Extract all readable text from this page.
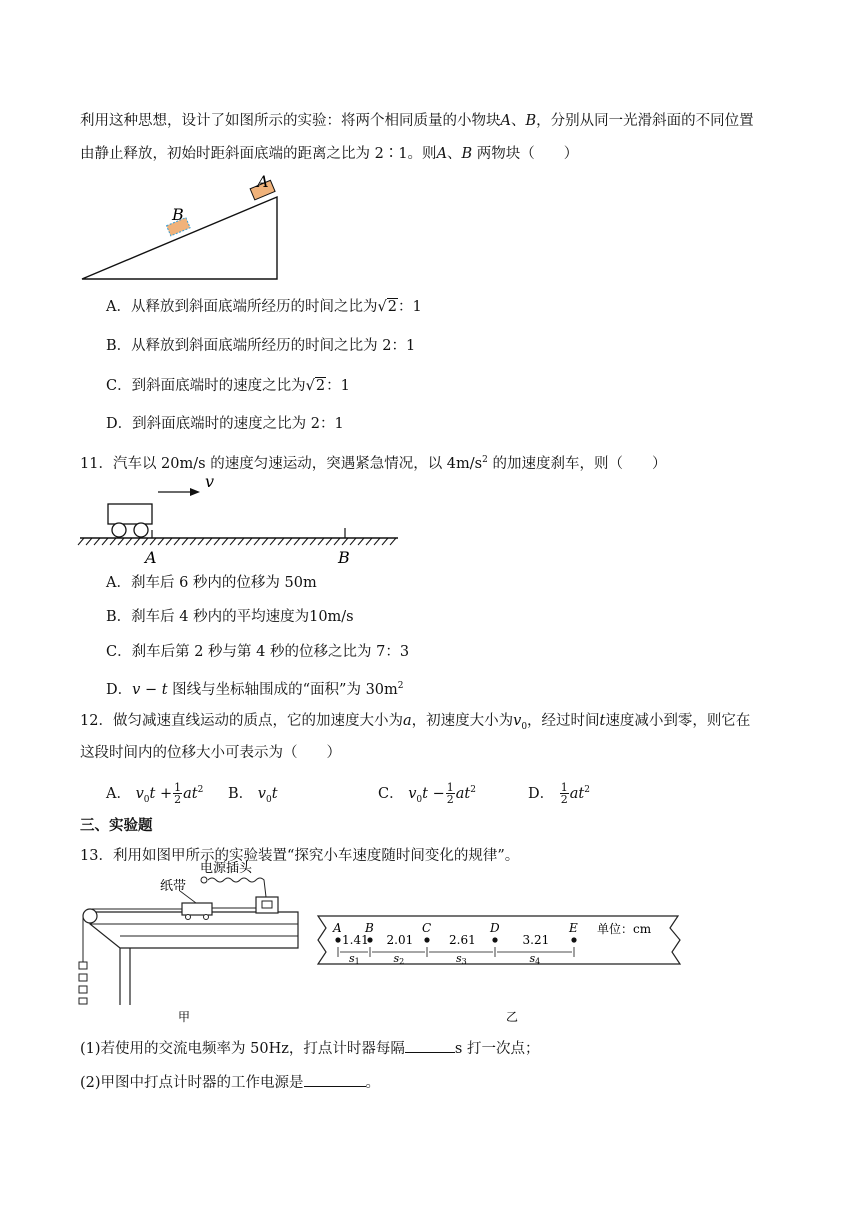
利用这种思想，设计了如图所示的实验：将两个相同质量的小物块A、B，分别从同一光滑斜面的不同位置
由静止释放，初始时距斜面底端的距离之比为 2∶1。则A、B 两物块（　　）
A
B
A．从释放到斜面底端所经历的时间之比为√2：1
B．从释放到斜面底端所经历的时间之比为 2：1
C．到斜面底端时的速度之比为√2：1
D．到斜面底端时的速度之比为 2：1
11．汽车以 20m/s 的速度匀速运动，突遇紧急情况，以 $4m/s^2$ 的加速度刹车，则（　　）
v
A	B
A．刹车后 6 秒内的位移为 50m
B．刹车后 4 秒内的平均速度为10m/s
C．刹车后第 2 秒与第 4 秒的位移之比为 7：3
D．v − t 图线与坐标轴围成的“面积”为 $30m^2$
12．做匀减速直线运动的质点，它的加速度大小为a，初速度大小为$v_0$，经过时间t速度减小到零，则它在
这段时间内的位移大小可表示为（　　）
A． $v_0t + \frac{1}{2} at^2$ B． $v_0t$	C． $v_0t - \frac{1}{2} at^2$	D． $\frac{1}{2} at^2$
三、实验题
13．利用如图甲所示的实验装置“探究小车速度随时间变化的规律”。
纸带
电源插头
甲
A B	C	D	E
1.41
s1
2.01
s2
2.61
s3
3.21
s4
单位：cm
乙
(1)若使用的交流电频率为 50Hz，打点计时器每隔	s 打一次点；
(2)甲图中打点计时器的工作电源是	。
